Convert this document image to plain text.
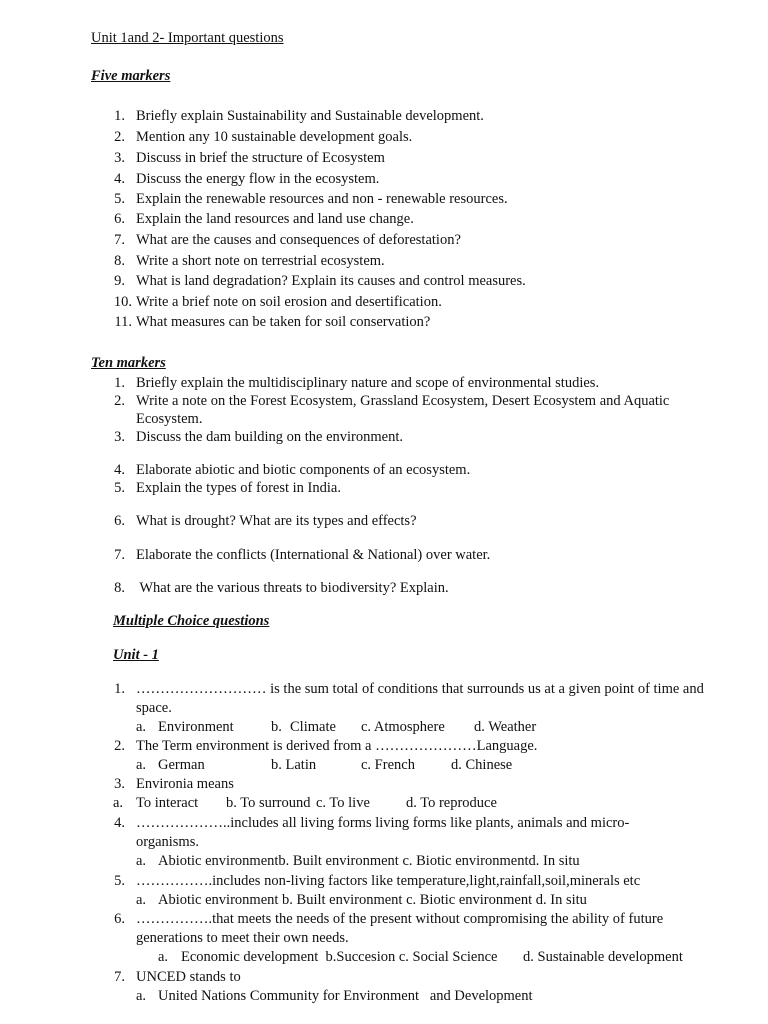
Unit 1and 2- Important questions
Five markers
1. Briefly explain Sustainability and Sustainable development.
2. Mention any 10 sustainable development goals.
3. Discuss in brief the structure of Ecosystem
4. Discuss the energy flow in the ecosystem.
5. Explain the renewable resources and non - renewable resources.
6. Explain the land resources and land use change.
7. What are the causes and consequences of deforestation?
8. Write a short note on terrestrial ecosystem.
9. What is land degradation? Explain its causes and control measures.
10. Write a brief note on soil erosion and desertification.
11. What measures can be taken for soil conservation?
Ten markers
1. Briefly explain the multidisciplinary nature and scope of environmental studies.
2. Write a note on the Forest Ecosystem, Grassland Ecosystem, Desert Ecosystem and Aquatic Ecosystem.
3. Discuss the dam building on the environment.
4. Elaborate abiotic and biotic components of an ecosystem.
5. Explain the types of forest in India.
6. What is drought? What are its types and effects?
7. Elaborate the conflicts (International & National) over water.
8. What are the various threats to biodiversity? Explain.
Multiple Choice questions
Unit - 1
1. ……………………… is the sum total of conditions that surrounds us at a given point of time and space.
a. Environment	b. Climate c. Atmosphere d. Weather
2. The Term environment is derived from a …………………Language.
a. German	b. Latin	c. French d. Chinese
3. Environia means
a. To interact b. To surround c. To live d. To reproduce
4. ………………..includes all living forms living forms like plants, animals and micro-organisms.
a. Abiotic environmentb. Built environment c. Biotic environmentd. In situ
5. …………….includes non-living factors like temperature,light,rainfall,soil,minerals etc
a. Abiotic environment b. Built environment c. Biotic environment d. In situ
6. …………….that meets the needs of the present without compromising the ability of future generations to meet their own needs.
a. Economic development  b.Succesion c. Social Science d. Sustainable development
7. UNCED stands to
a. United Nations Community for Environment   and Development
